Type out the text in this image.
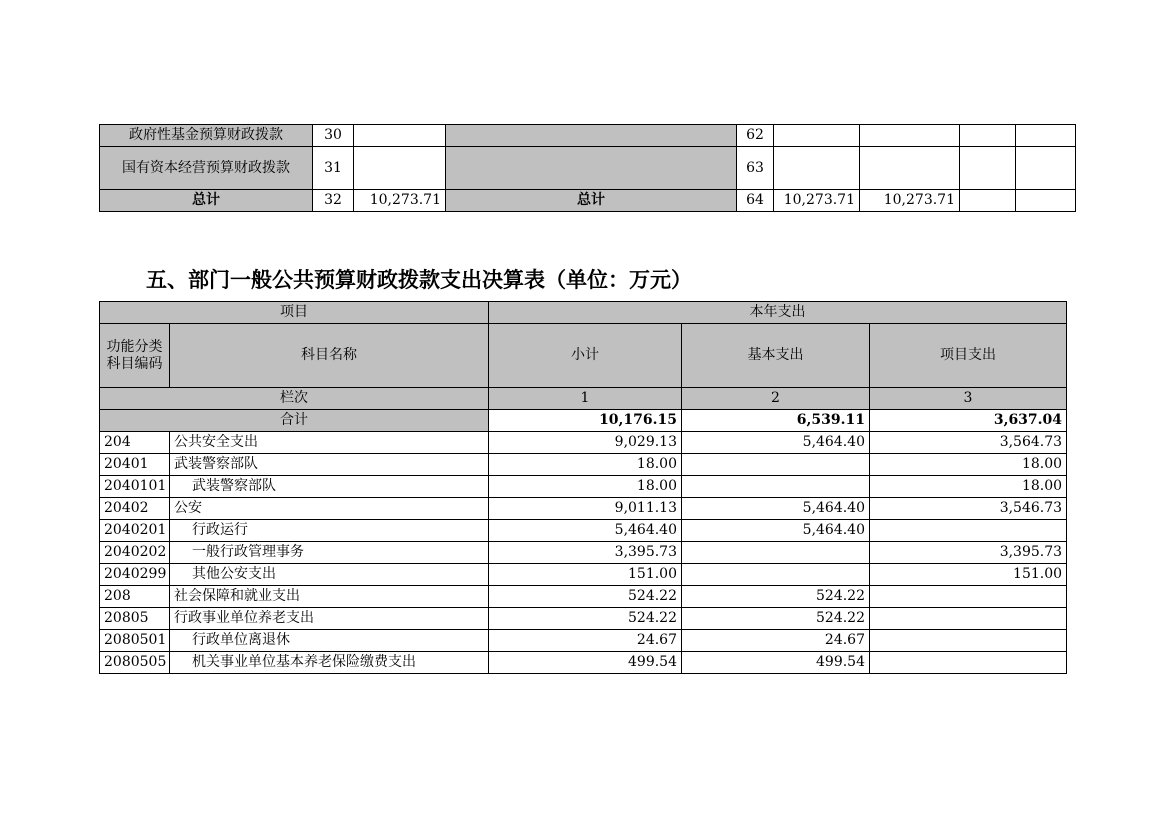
政府性基金预算财政拨款	30			62				
国有资本经营预算财政拨款	31			63				
总计	32	10,273.71	总计	64	10,273.71	10,273.71		
五、部门一般公共预算财政拨款支出决算表（单位：万元）
项目		本年支出		
功能分类科目编码	科目名称	小计	基本支出	项目支出
栏次		1	2	3
合计		10,176.15	6,539.11	3,637.04
204	公共安全支出	9,029.13	5,464.40	3,564.73
20401	武装警察部队	18.00		18.00
2040101	武装警察部队	18.00		18.00
20402	公安	9,011.13	5,464.40	3,546.73
2040201	行政运行	5,464.40	5,464.40	
2040202	一般行政管理事务	3,395.73		3,395.73
2040299	其他公安支出	151.00		151.00
208	社会保障和就业支出	524.22	524.22	
20805	行政事业单位养老支出	524.22	524.22	
2080501	行政单位离退休	24.67	24.67	
2080505	机关事业单位基本养老保险缴费支出	499.54	499.54	
